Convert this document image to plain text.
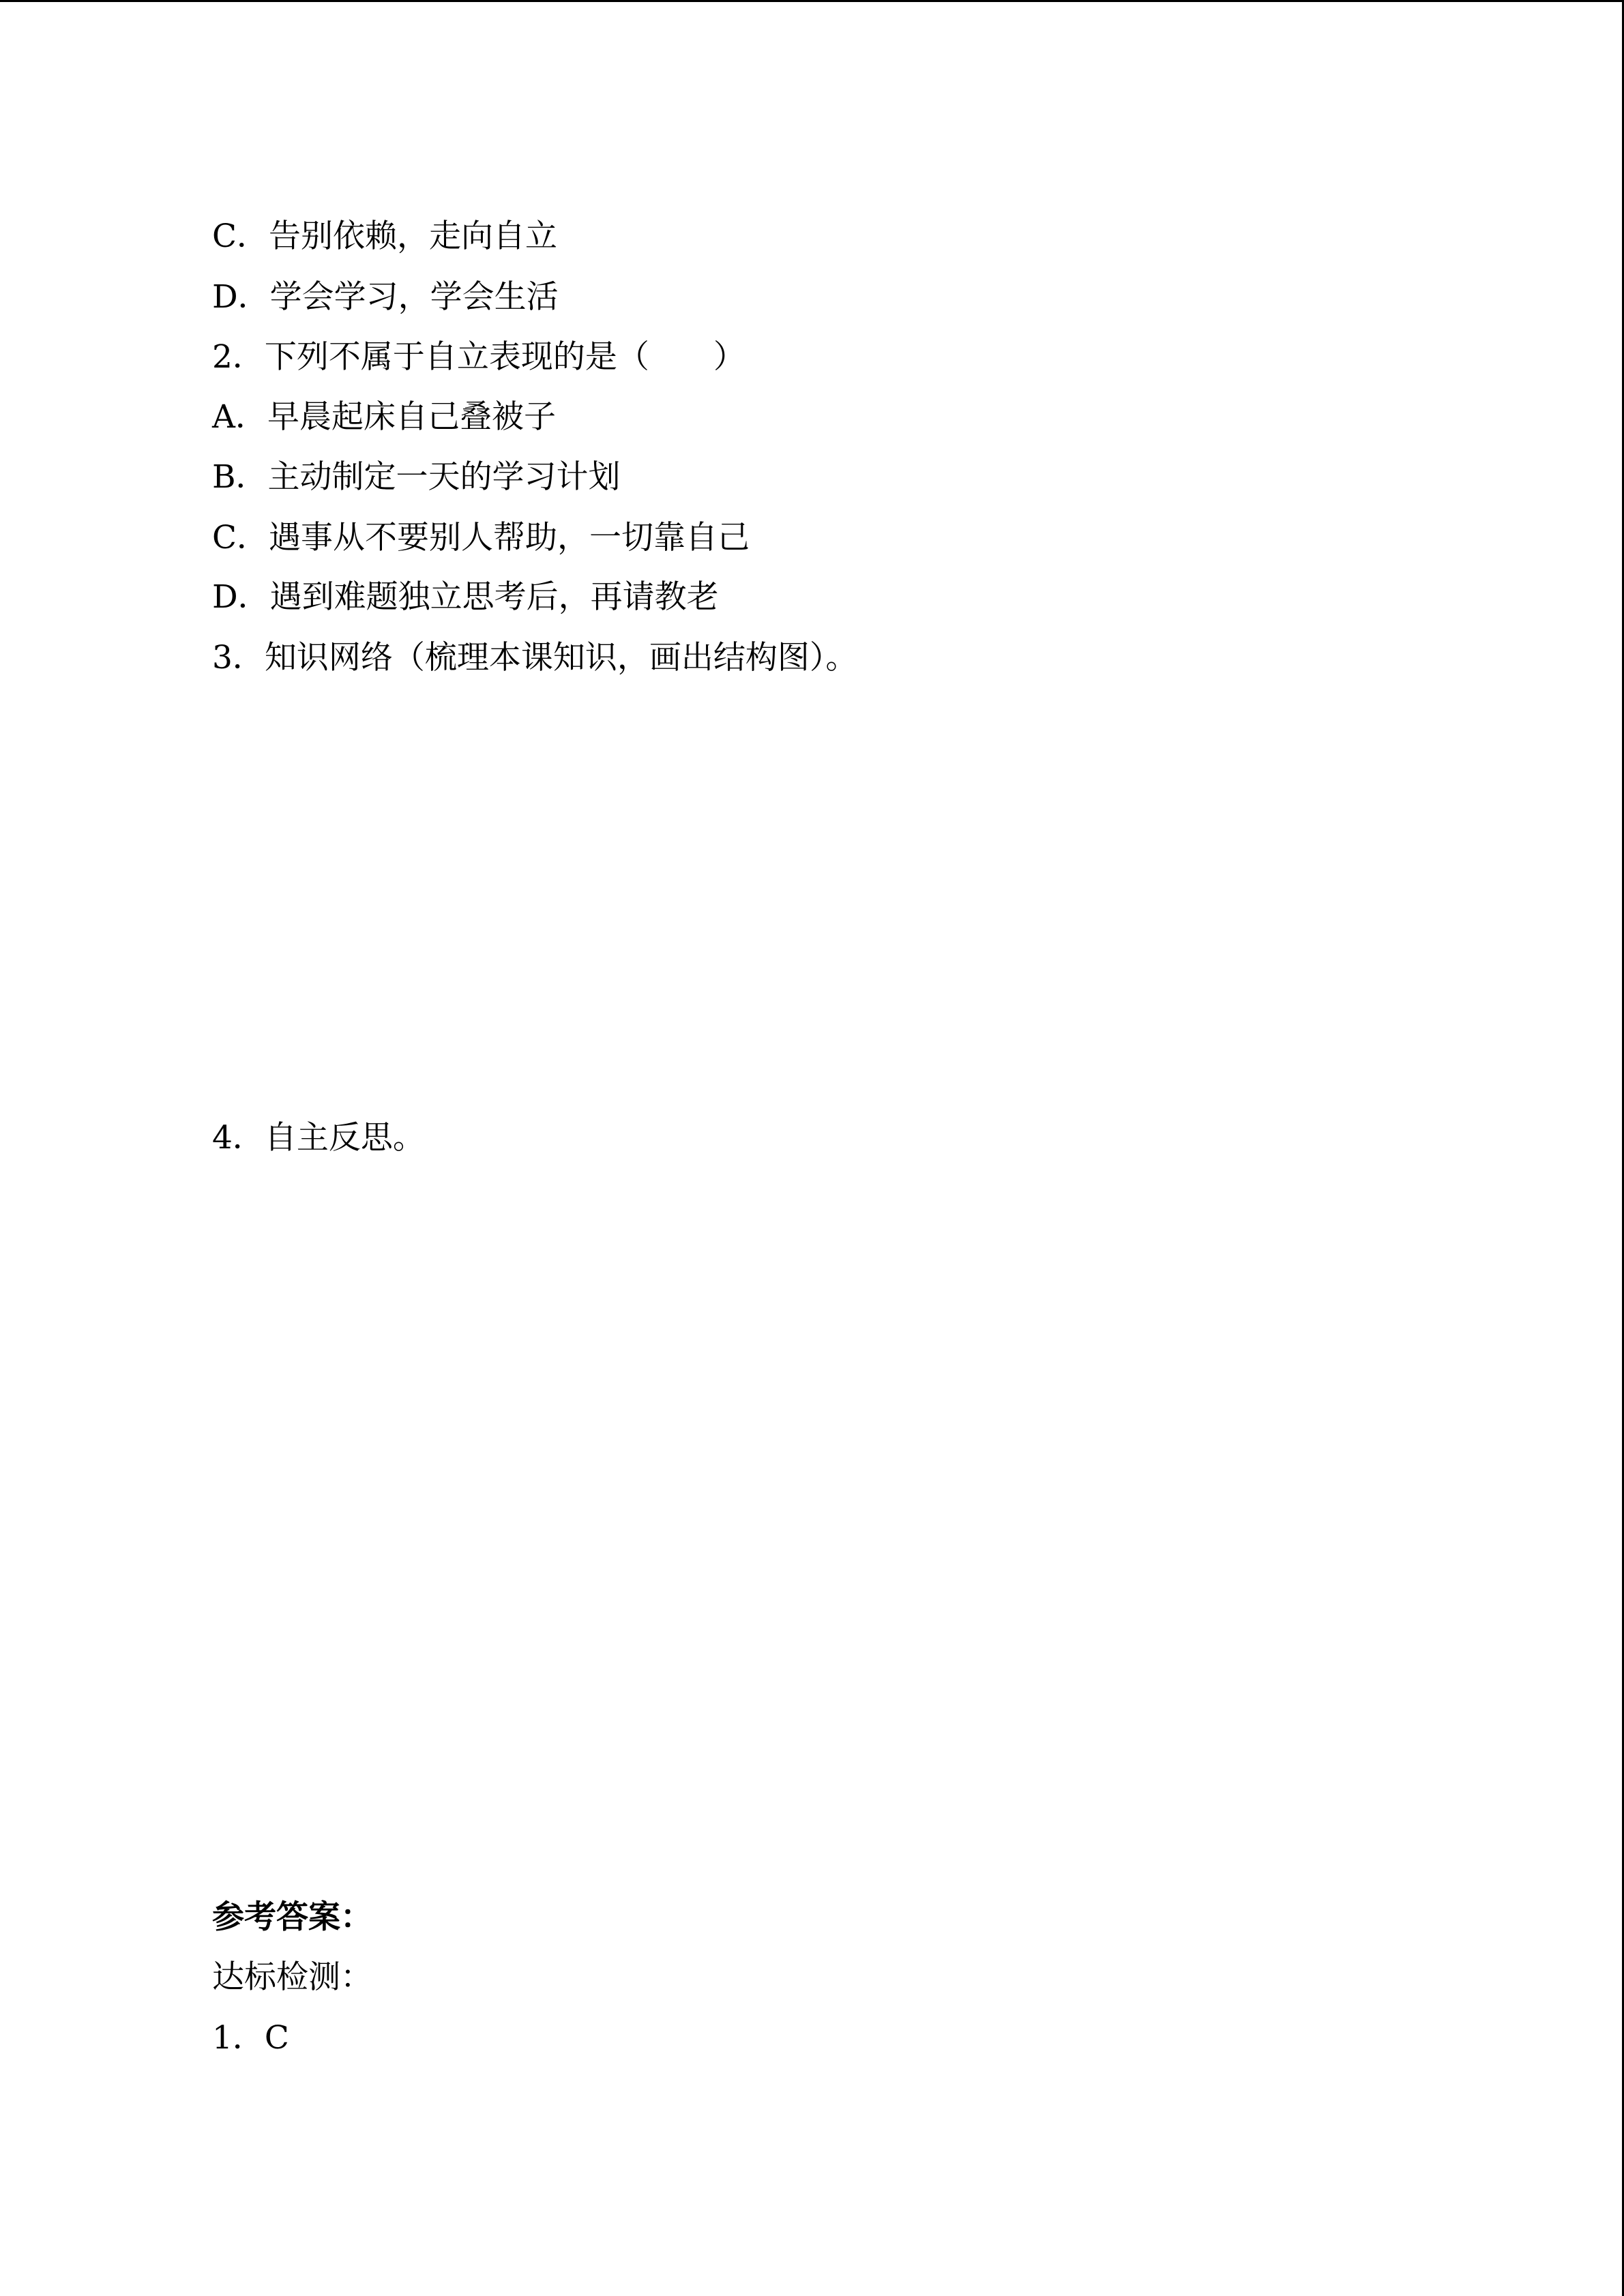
C．告别依赖，走向自立
D．学会学习，学会生活
2．下列不属于自立表现的是（　　）
A．早晨起床自己叠被子
B．主动制定一天的学习计划
C．遇事从不要别人帮助，一切靠自己
D．遇到难题独立思考后，再请教老
3．知识网络（梳理本课知识，画出结构图）。
4．自主反思。
参考答案：
达标检测：
1．C
